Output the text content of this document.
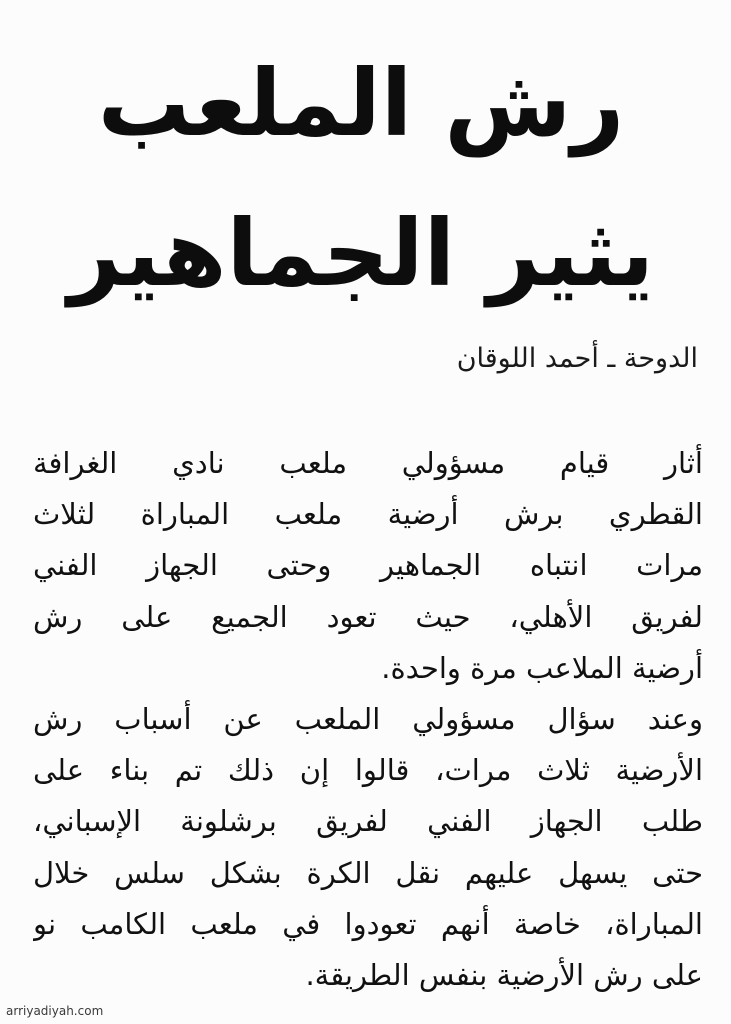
رش الملعب
يثير الجماهير
الدوحة ـ أحمد اللوقان
أثار قيام مسؤولي ملعب نادي الغرافة
القطري برش أرضية ملعب المباراة لثلاث
مرات انتباه الجماهير وحتى الجهاز الفني
لفريق الأهلي، حيث تعود الجميع على رش
أرضية الملاعب مرة واحدة.
وعند سؤال مسؤولي الملعب عن أسباب رش
الأرضية ثلاث مرات، قالوا إن ذلك تم بناء على
طلب الجهاز الفني لفريق برشلونة الإسباني،
حتى يسهل عليهم نقل الكرة بشكل سلس خلال
المباراة، خاصة أنهم تعودوا في ملعب الكامب نو
على رش الأرضية بنفس الطريقة.
arriyadiyah.com
